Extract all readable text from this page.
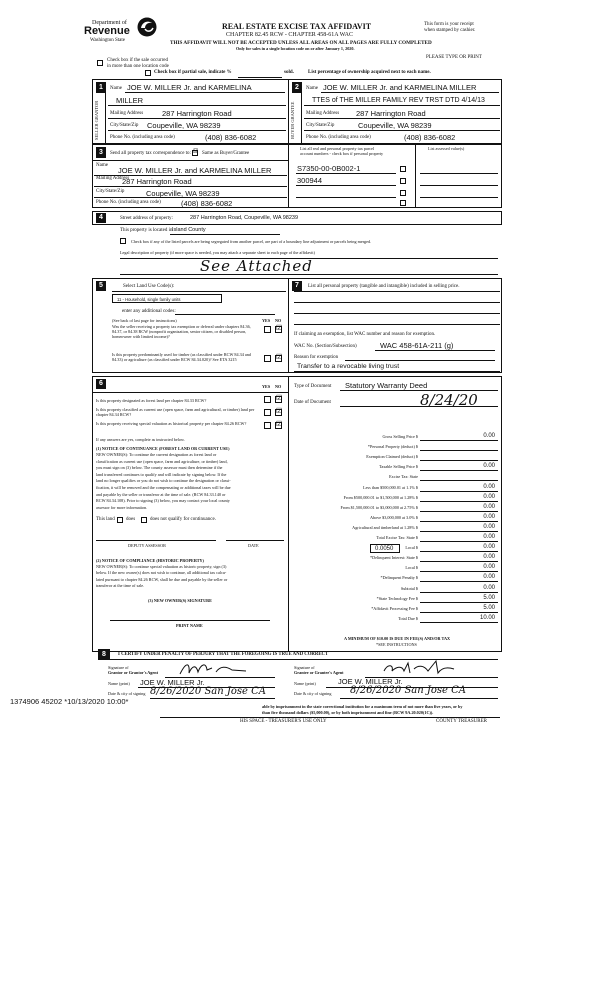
Department of
Revenue
Washington State
REAL ESTATE EXCISE TAX AFFIDAVIT
CHAPTER 82.45 RCW - CHAPTER 458-61A WAC
THIS AFFIDAVIT WILL NOT BE ACCEPTED UNLESS ALL AREAS ON ALL PAGES ARE FULLY COMPLETED
Only for sales in a single location code on or after January 1, 2020.
This form is your receipt
when stamped by cashier.
PLEASE TYPE OR PRINT
Check box if the sale occurred
in more than one location code
Check box if partial sale, indicate %	sold.	List percentage of ownership acquired next to each name.
1
SELLER GRANTOR
Name JOE W. MILLER Jr. and KARMELINA
MILLER
Mailing Address	287 Harrington Road
City/State/Zip Coupeville, WA 98239
Phone No. (including area code)	(408) 836-6082
2
BUYER GRANTEE
Name JOE W. MILLER Jr. and KARMELINA MILLER
TTES of THE MILLER FAMILY REV TRST DTD 4/14/13
Mailing Address 287 Harrington Road
City/State/Zip	Coupeville, WA 98239
Phone No. (including area code)	(408) 836-6082
3	Send all property tax correspondence to: ☒ Same as Buyer/Grantee
Name
JOE W. MILLER Jr. and KARMELINA MILLER
Mailing Address
287 Harrington Road
City/State/Zip	Coupeville, WA 98239
Phone No. (including area code)	(408) 836-6082
List all real and personal property tax parcel
account numbers - check box if personal property
List assessed value(s)
S7350-00-0B002-1
300944
4	Street address of property:	287 Harrington Road, Coupeville, WA 98239
This property is located in Island County
Check box if any of the listed parcels are being segregated from another parcel, are part of a boundary line adjustment or parcels being merged.
Legal description of property (if more space is needed, you may attach a separate sheet to each page of the affidavit)
See Attached
5	Select Land Use Code(s):
11 - Household, single family units
enter any additional codes:
(See back of last page for instructions)	YES NO
Was the seller receiving a property tax exemption or deferral under chapters 84.36, 84.37, or 84.38 RCW (nonprofit organization, senior citizen, or disabled person, homeowner with limited income)?
☑
Is this property predominantly used for timber (as classified under RCW 84.34 and 84.33) or agriculture (as classified under RCW 84.34.020)? See ETA 3215	☑
7	List all personal property (tangible and intangible) included in selling price.
If claiming an exemption, list WAC number and reason for exemption.
WAC No. (Section/Subsection)	WAC 458-61A-211 (g)
Reason for exemption
Transfer to a revocable living trust
6	YES NO
Is this property designated as forest land per chapter 84.33 RCW?	☑
Is this property classified as current use (open space, farm and agricultural, or timber) land per chapter 84.34 RCW?	☑
Is this property receiving special valuation as historical property per chapter 84.26 RCW?	☑
If any answers are yes, complete as instructed below.
(1) NOTICE OF CONTINUANCE (FOREST LAND OR CURRENT USE)
NEW OWNER(S): To continue the current designation as forest land or
classification as current use (open space, farm and agriculture, or timber) land,
you must sign on (3) below. The county assessor must then determine if the
land transferred continues to qualify and will indicate by signing below. If the
land no longer qualifies or you do not wish to continue the designation or classi-
fication, it will be removed and the compensating or additional taxes will be due
and payable by the seller or transferor at the time of sale. (RCW 84.33.140 or
RCW 84.34.108). Prior to signing (3) below, you may contact your local county
assessor for more information.
This land does	does not qualify for continuance.
DEPUTY ASSESSOR	DATE
(2) NOTICE OF COMPLIANCE (HISTORIC PROPERTY)
NEW OWNER(S): To continue special valuation as historic property, sign (3)
below. If the new owner(s) does not wish to continue, all additional tax calcu-
lated pursuant to chapter 84.26 RCW, shall be due and payable by the seller or
transferor at the time of sale.
(3) NEW OWNER(S) SIGNATURE
PRINT NAME
Type of Document Statutory Warranty Deed
Date of Document	8/24/20
Gross Selling Price $	0.00
*Personal Property (deduct) $
Exemption Claimed (deduct) $
Taxable Selling Price $	0.00
Excise Tax: State
Less than $500,000.01 at 1.1% $	0.00
From $500,000.01 to $1,500,000 at 1.28% $	0.00
From $1,500,000.01 to $3,000,000 at 2.75% $	0.00
Above $3,000,000 at 3.0% $	0.00
Agricultural and timberland at 1.28% $	0.00
Total Excise Tax: State $	0.00
Local $	0.00
*Delinquent Interest: State $	0.00
Local $	0.00
*Delinquent Penalty $	0.00
Subtotal $	0.00
*State Technology Fee $	5.00
*Affidavit Processing Fee $	5.00
Total Due $	10.00
0.0050
A MINIMUM OF $10.00 IS DUE IN FEE(S) AND/OR TAX
*SEE INSTRUCTIONS
8	I CERTIFY UNDER PENALTY OF PERJURY THAT THE FOREGOING IS TRUE AND CORRECT
Signature of
Grantor or Grantor's Agent
Name (print) JOE W. MILLER Jr.
Date & city of signing 8/26/2020 San Jose CA
Signature of
Grantee or Grantee's Agent
Name (print)	JOE W. MILLER Jr.
Date & city of signing 8/26/2020 San Jose CA
1374906 45202 *10/13/2020 10:00*
able by imprisonment in the state correctional institution for a maximum term of not more than five years, or by
than five thousand dollars ($5,000.00), or by both imprisonment and fine (RCW 9A.20.020(1C)).
HIS SPACE - TREASURER'S USE ONLY	COUNTY TREASURER
